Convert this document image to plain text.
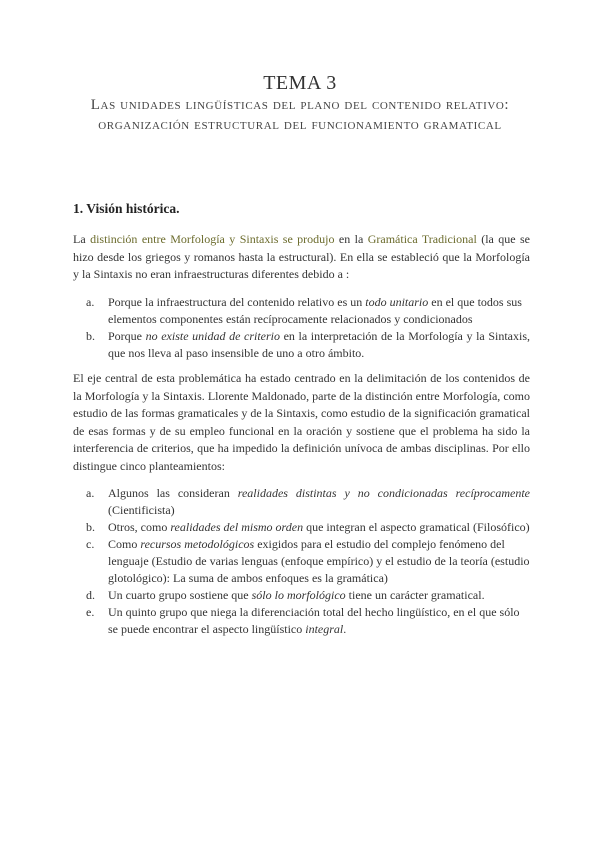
TEMA 3
Las unidades lingüísticas del plano del contenido relativo: organización estructural del funcionamiento gramatical
1. Visión histórica.
La distinción entre Morfología y Sintaxis se produjo en la Gramática Tradicional (la que se hizo desde los griegos y romanos hasta la estructural). En ella se estableció que la Morfología y la Sintaxis no eran infraestructuras diferentes debido a :
a. Porque la infraestructura del contenido relativo es un todo unitario en el que todos sus elementos componentes están recíprocamente relacionados y condicionados
b. Porque no existe unidad de criterio en la interpretación de la Morfología y la Sintaxis, que nos lleva al paso insensible de uno a otro ámbito.
El eje central de esta problemática ha estado centrado en la delimitación de los contenidos de la Morfología y la Sintaxis. Llorente Maldonado, parte de la distinción entre Morfología, como estudio de las formas gramaticales y de la Sintaxis, como estudio de la significación gramatical de esas formas y de su empleo funcional en la oración y sostiene que el problema ha sido la interferencia de criterios, que ha impedido la definición unívoca de ambas disciplinas. Por ello distingue cinco planteamientos:
a. Algunos las consideran realidades distintas y no condicionadas recíprocamente (Cientificista)
b. Otros, como realidades del mismo orden que integran el aspecto gramatical (Filosófico)
c. Como recursos metodológicos exigidos para el estudio del complejo fenómeno del lenguaje (Estudio de varias lenguas (enfoque empírico) y el estudio de la teoría (estudio glotológico): La suma de ambos enfoques es la gramática)
d. Un cuarto grupo sostiene que sólo lo morfológico tiene un carácter gramatical.
e. Un quinto grupo que niega la diferenciación total del hecho lingüístico, en el que sólo se puede encontrar el aspecto lingüístico integral.
